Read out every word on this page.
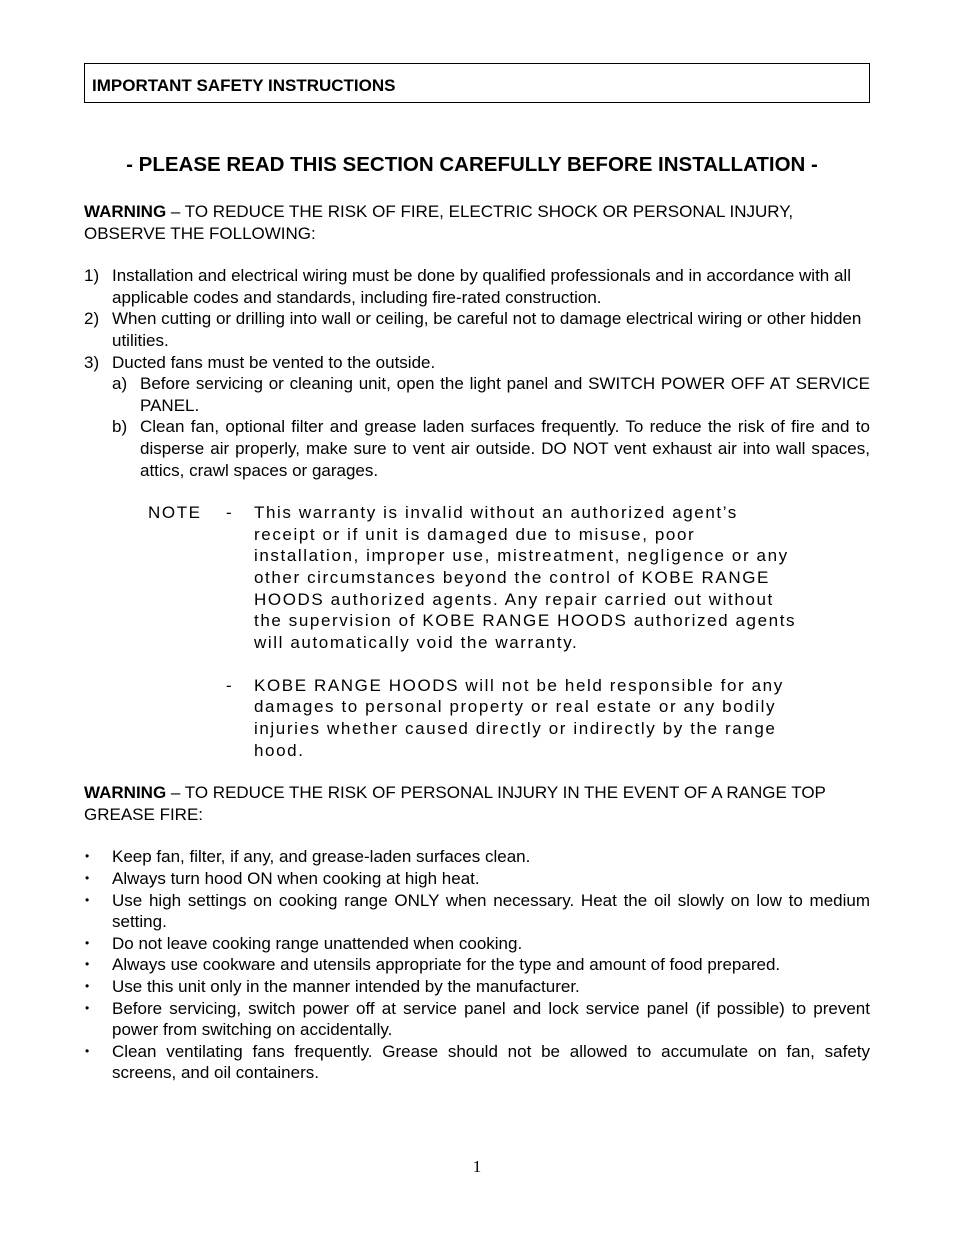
IMPORTANT SAFETY INSTRUCTIONS
- PLEASE READ THIS SECTION CAREFULLY BEFORE INSTALLATION -
WARNING – TO REDUCE THE RISK OF FIRE, ELECTRIC SHOCK OR PERSONAL INJURY, OBSERVE THE FOLLOWING:
1) Installation and electrical wiring must be done by qualified professionals and in accordance with all applicable codes and standards, including fire-rated construction.
2) When cutting or drilling into wall or ceiling, be careful not to damage electrical wiring or other hidden utilities.
3) Ducted fans must be vented to the outside.
a) Before servicing or cleaning unit, open the light panel and SWITCH POWER OFF AT SERVICE PANEL.
b) Clean fan, optional filter and grease laden surfaces frequently. To reduce the risk of fire and to disperse air properly, make sure to vent air outside. DO NOT vent exhaust air into wall spaces, attics, crawl spaces or garages.
NOTE	-	This warranty is invalid without an authorized agent’s receipt or if unit is damaged due to misuse, poor installation, improper use, mistreatment, negligence or any other circumstances beyond the control of KOBE RANGE HOODS authorized agents. Any repair carried out without the supervision of KOBE RANGE HOODS authorized agents will automatically void the warranty.
-	KOBE RANGE HOODS will not be held responsible for any damages to personal property or real estate or any bodily injuries whether caused directly or indirectly by the range hood.
WARNING – TO REDUCE THE RISK OF PERSONAL INJURY IN THE EVENT OF A RANGE TOP GREASE FIRE:
•	Keep fan, filter, if any, and grease-laden surfaces clean.
•	Always turn hood ON when cooking at high heat.
•	Use high settings on cooking range ONLY when necessary. Heat the oil slowly on low to medium setting.
•	Do not leave cooking range unattended when cooking.
•	Always use cookware and utensils appropriate for the type and amount of food prepared.
•	Use this unit only in the manner intended by the manufacturer.
•	Before servicing, switch power off at service panel and lock service panel (if possible) to prevent power from switching on accidentally.
•	Clean ventilating fans frequently. Grease should not be allowed to accumulate on fan, safety screens, and oil containers.
1
